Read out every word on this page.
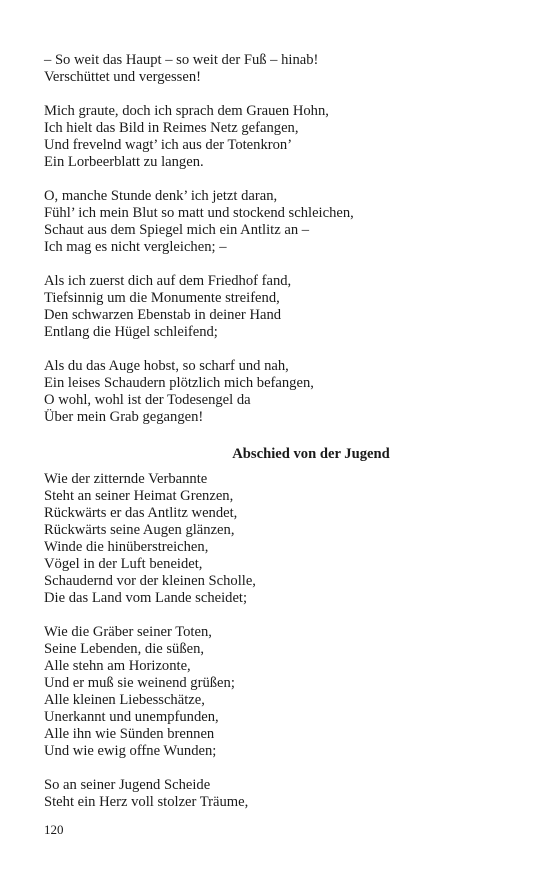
– So weit das Haupt – so weit der Fuß – hinab!
Verschüttet und vergessen!
Mich graute, doch ich sprach dem Grauen Hohn,
Ich hielt das Bild in Reimes Netz gefangen,
Und frevelnd wagt’ ich aus der Totenkron’
Ein Lorbeerblatt zu langen.
O, manche Stunde denk’ ich jetzt daran,
Fühl’ ich mein Blut so matt und stockend schleichen,
Schaut aus dem Spiegel mich ein Antlitz an –
Ich mag es nicht vergleichen; –
Als ich zuerst dich auf dem Friedhof fand,
Tiefsinnig um die Monumente streifend,
Den schwarzen Ebenstab in deiner Hand
Entlang die Hügel schleifend;
Als du das Auge hobst, so scharf und nah,
Ein leises Schaudern plötzlich mich befangen,
O wohl, wohl ist der Todesengel da
Über mein Grab gegangen!
Abschied von der Jugend
Wie der zitternde Verbannte
Steht an seiner Heimat Grenzen,
Rückwärts er das Antlitz wendet,
Rückwärts seine Augen glänzen,
Winde die hinüberstreichen,
Vögel in der Luft beneidet,
Schaudernd vor der kleinen Scholle,
Die das Land vom Lande scheidet;
Wie die Gräber seiner Toten,
Seine Lebenden, die süßen,
Alle stehn am Horizonte,
Und er muß sie weinend grüßen;
Alle kleinen Liebesschätze,
Unerkannt und unempfunden,
Alle ihn wie Sünden brennen
Und wie ewig offne Wunden;
So an seiner Jugend Scheide
Steht ein Herz voll stolzer Träume,
120
